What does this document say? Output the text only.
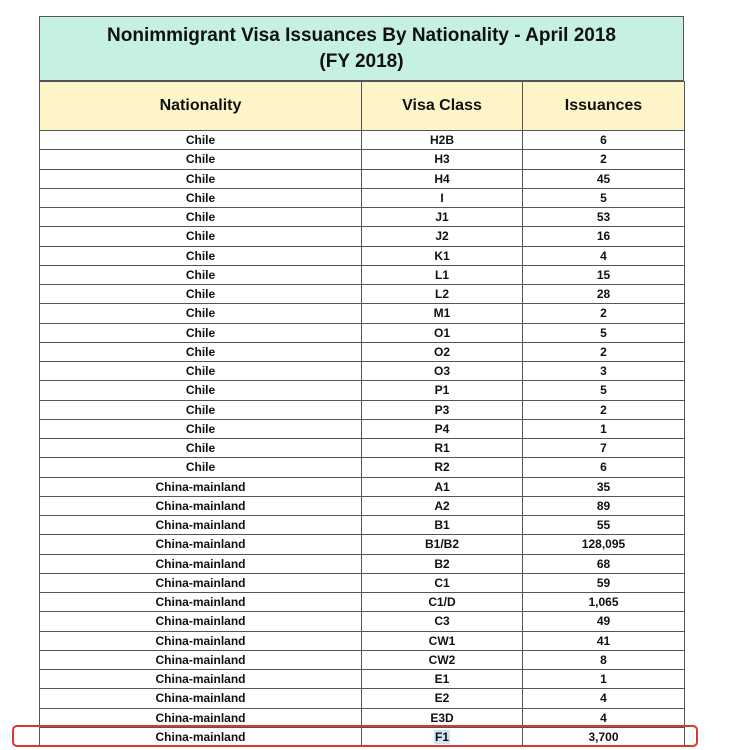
Nonimmigrant Visa Issuances By Nationality - April 2018
(FY 2018)
Nationality	Visa Class	Issuances
Chile	H2B	6
Chile	H3	2
Chile	H4	45
Chile	I	5
Chile	J1	53
Chile	J2	16
Chile	K1	4
Chile	L1	15
Chile	L2	28
Chile	M1	2
Chile	O1	5
Chile	O2	2
Chile	O3	3
Chile	P1	5
Chile	P3	2
Chile	P4	1
Chile	R1	7
Chile	R2	6
China-mainland	A1	35
China-mainland	A2	89
China-mainland	B1	55
China-mainland	B1/B2	128,095
China-mainland	B2	68
China-mainland	C1	59
China-mainland	C1/D	1,065
China-mainland	C3	49
China-mainland	CW1	41
China-mainland	CW2	8
China-mainland	E1	1
China-mainland	E2	4
China-mainland	E3D	4
China-mainland	F1	3,700
